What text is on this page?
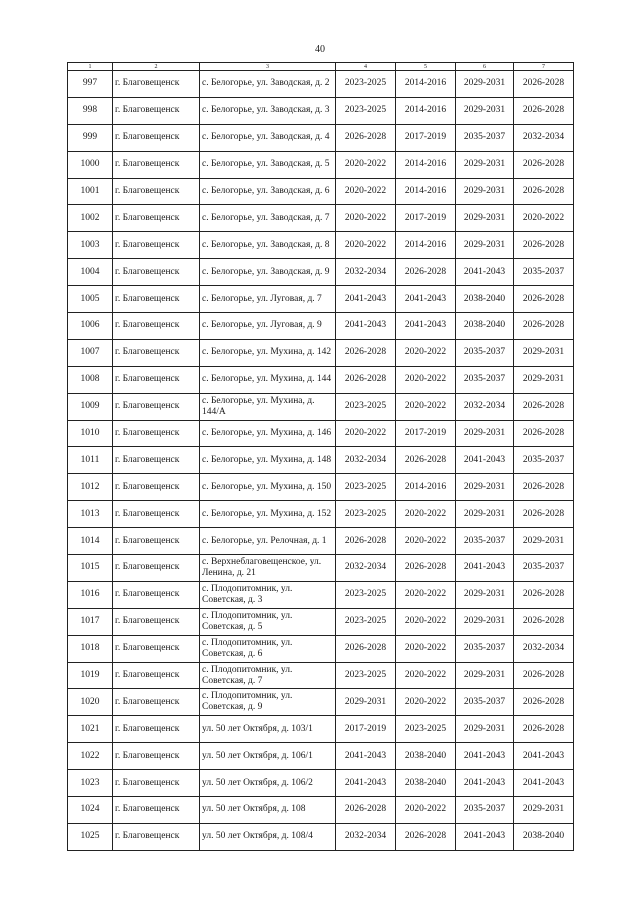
40
1	2	3	4	5	6	7
997	г. Благовещенск	с. Белогорье, ул. Заводская, д. 2	2023-2025	2014-2016	2029-2031	2026-2028
998	г. Благовещенск	с. Белогорье, ул. Заводская, д. 3	2023-2025	2014-2016	2029-2031	2026-2028
999	г. Благовещенск	с. Белогорье, ул. Заводская, д. 4	2026-2028	2017-2019	2035-2037	2032-2034
1000	г. Благовещенск	с. Белогорье, ул. Заводская, д. 5	2020-2022	2014-2016	2029-2031	2026-2028
1001	г. Благовещенск	с. Белогорье, ул. Заводская, д. 6	2020-2022	2014-2016	2029-2031	2026-2028
1002	г. Благовещенск	с. Белогорье, ул. Заводская, д. 7	2020-2022	2017-2019	2029-2031	2020-2022
1003	г. Благовещенск	с. Белогорье, ул. Заводская, д. 8	2020-2022	2014-2016	2029-2031	2026-2028
1004	г. Благовещенск	с. Белогорье, ул. Заводская, д. 9	2032-2034	2026-2028	2041-2043	2035-2037
1005	г. Благовещенск	с. Белогорье, ул. Луговая, д. 7	2041-2043	2041-2043	2038-2040	2026-2028
1006	г. Благовещенск	с. Белогорье, ул. Луговая, д. 9	2041-2043	2041-2043	2038-2040	2026-2028
1007	г. Благовещенск	с. Белогорье, ул. Мухина, д. 142	2026-2028	2020-2022	2035-2037	2029-2031
1008	г. Благовещенск	с. Белогорье, ул. Мухина, д. 144	2026-2028	2020-2022	2035-2037	2029-2031
1009	г. Благовещенск	с. Белогорье, ул. Мухина, д. 144/А	2023-2025	2020-2022	2032-2034	2026-2028
1010	г. Благовещенск	с. Белогорье, ул. Мухина, д. 146	2020-2022	2017-2019	2029-2031	2026-2028
1011	г. Благовещенск	с. Белогорье, ул. Мухина, д. 148	2032-2034	2026-2028	2041-2043	2035-2037
1012	г. Благовещенск	с. Белогорье, ул. Мухина, д. 150	2023-2025	2014-2016	2029-2031	2026-2028
1013	г. Благовещенск	с. Белогорье, ул. Мухина, д. 152	2023-2025	2020-2022	2029-2031	2026-2028
1014	г. Благовещенск	с. Белогорье, ул. Релочная, д. 1	2026-2028	2020-2022	2035-2037	2029-2031
1015	г. Благовещенск	с. Верхнеблаговещенское, ул. Ленина, д. 21	2032-2034	2026-2028	2041-2043	2035-2037
1016	г. Благовещенск	с. Плодопитомник, ул. Советская, д. 3	2023-2025	2020-2022	2029-2031	2026-2028
1017	г. Благовещенск	с. Плодопитомник, ул. Советская, д. 5	2023-2025	2020-2022	2029-2031	2026-2028
1018	г. Благовещенск	с. Плодопитомник, ул. Советская, д. 6	2026-2028	2020-2022	2035-2037	2032-2034
1019	г. Благовещенск	с. Плодопитомник, ул. Советская, д. 7	2023-2025	2020-2022	2029-2031	2026-2028
1020	г. Благовещенск	с. Плодопитомник, ул. Советская, д. 9	2029-2031	2020-2022	2035-2037	2026-2028
1021	г. Благовещенск	ул. 50 лет Октября, д. 103/1	2017-2019	2023-2025	2029-2031	2026-2028
1022	г. Благовещенск	ул. 50 лет Октября, д. 106/1	2041-2043	2038-2040	2041-2043	2041-2043
1023	г. Благовещенск	ул. 50 лет Октября, д. 106/2	2041-2043	2038-2040	2041-2043	2041-2043
1024	г. Благовещенск	ул. 50 лет Октября, д. 108	2026-2028	2020-2022	2035-2037	2029-2031
1025	г. Благовещенск	ул. 50 лет Октября, д. 108/4	2032-2034	2026-2028	2041-2043	2038-2040
